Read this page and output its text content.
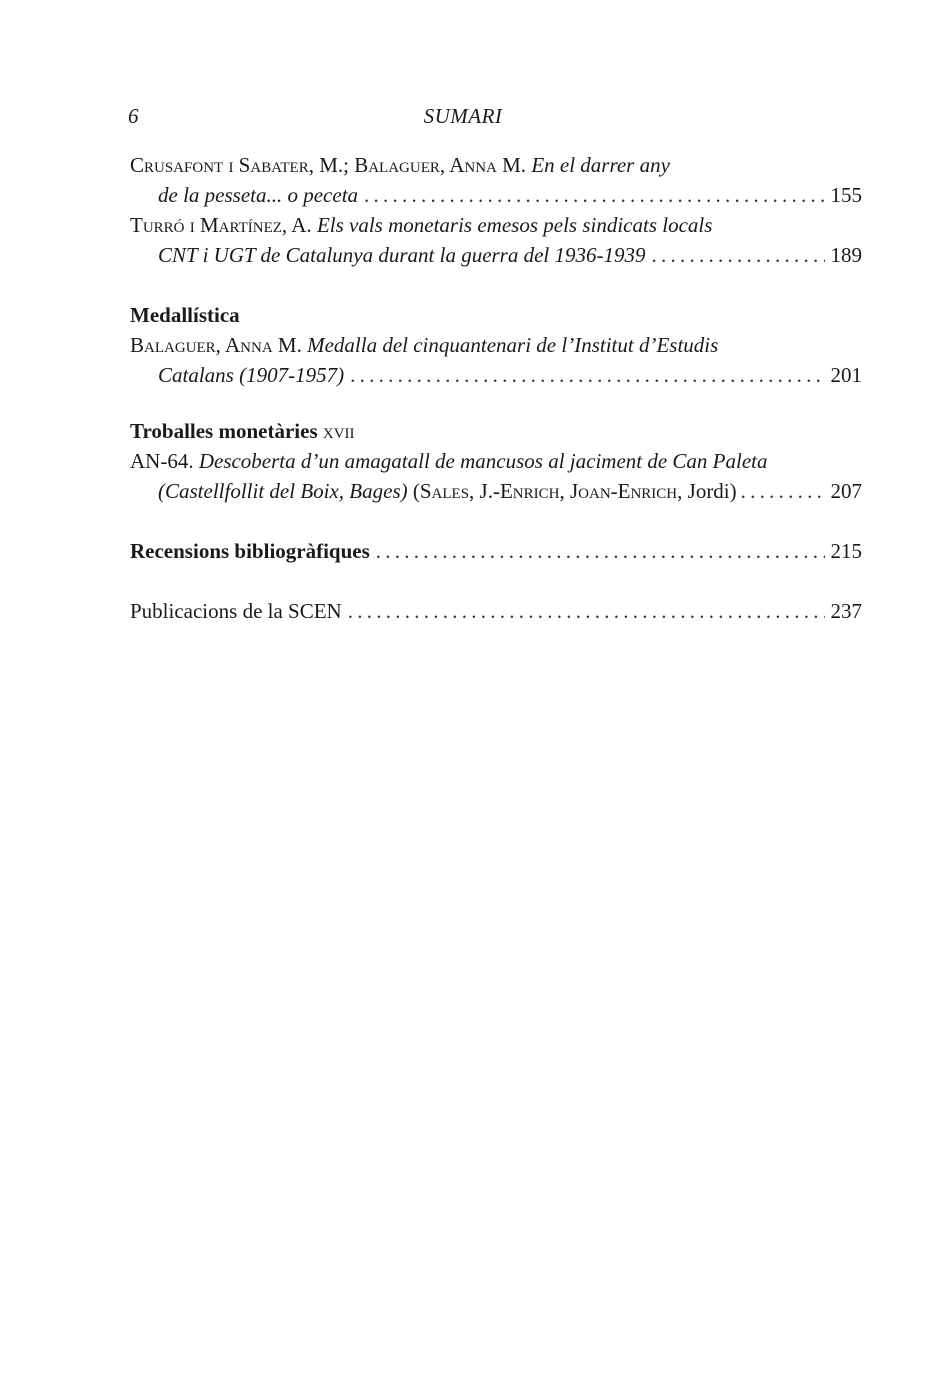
6	SUMARI
Crusafont i Sabater, M.; Balaguer, Anna M. En el darrer any
de la pesseta... o peceta . . .	155
Turró i Martínez, A. Els vals monetaris emesos pels sindicats locals
CNT i UGT de Catalunya durant la guerra del 1936-1939 . . .	189
Medallística
Balaguer, Anna M. Medalla del cinquantenari de l’Institut d’Estudis
Catalans (1907-1957) . . .	201
Troballes monetàries xvii
AN-64.
Descoberta d’un amagatall de mancusos al jaciment de Can Paleta
(Castellfollit del Boix, Bages)
(Sales, J.-Enrich, Joan-Enrich, Jordi) . . .	207
Recensions bibliogràfiques . . .	215
Publicacions de la SCEN . . .	237
